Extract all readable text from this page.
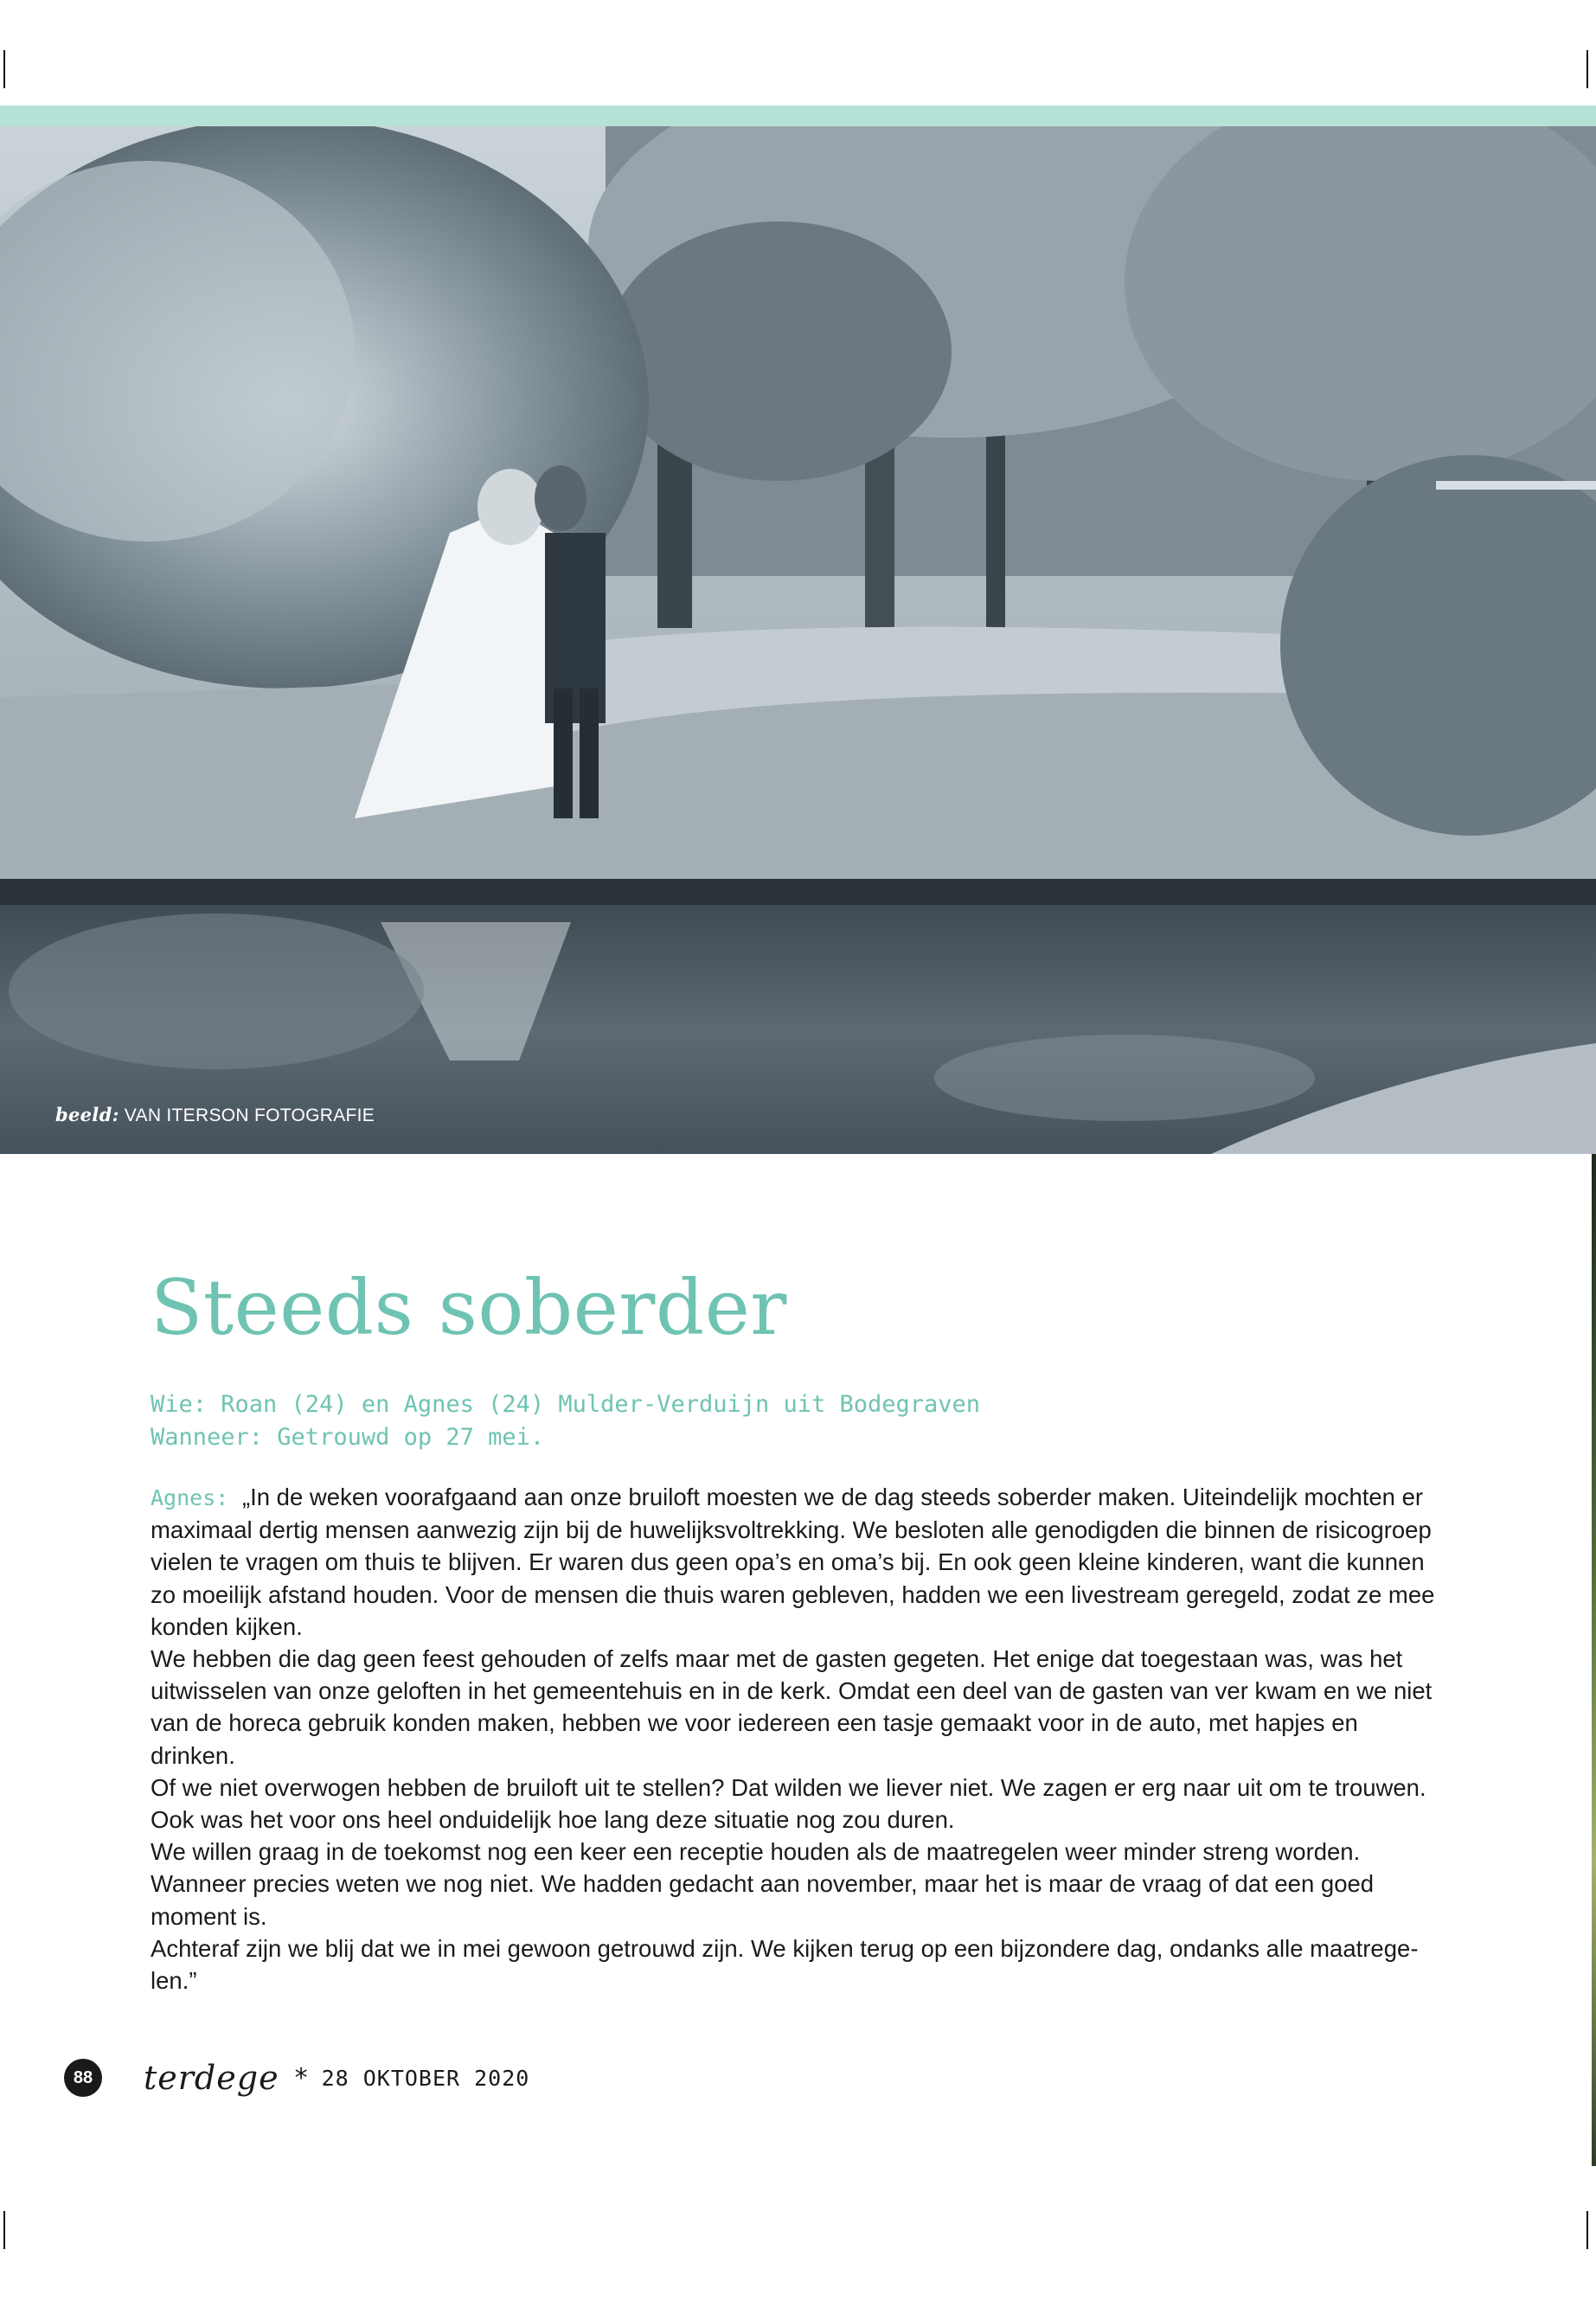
beeld: VAN ITERSON FOTOGRAFIE
Steeds soberder
Wie: Roan (24) en Agnes (24) Mulder-Verduijn uit Bodegraven
Wanneer: Getrouwd op 27 mei.

Agnes: „In de weken voorafgaand aan onze bruiloft moesten we de dag steeds soberder maken. Uiteindelijk mochten er maximaal dertig mensen aanwezig zijn bij de huwelijksvoltrekking. We besloten alle genodigden die binnen de risicogroep vielen te vragen om thuis te blijven. Er waren dus geen opa’s en oma’s bij. En ook geen kleine kinderen, want die kunnen zo moeilijk afstand houden. Voor de mensen die thuis waren gebleven, hadden we een livestream geregeld, zodat ze mee konden kijken.

We hebben die dag geen feest gehouden of zelfs maar met de gasten gegeten. Het enige dat toegestaan was, was het uitwisselen van onze geloften in het gemeentehuis en in de kerk. Omdat een deel van de gasten van ver kwam en we niet van de horeca gebruik konden maken, hebben we voor iedereen een tasje gemaakt voor in de auto, met hapjes en drinken.

Of we niet overwogen hebben de bruiloft uit te stellen? Dat wilden we liever niet. We zagen er erg naar uit om te trouwen. Ook was het voor ons heel onduidelijk hoe lang deze situatie nog zou duren.

We willen graag in de toekomst nog een keer een receptie houden als de maatregelen weer minder streng worden. Wanneer precies weten we nog niet. We hadden gedacht aan november, maar het is maar de vraag of dat een goed moment is.

Achteraf zijn we blij dat we in mei gewoon getrouwd zijn. We kijken terug op een bijzondere dag, ondanks alle maatregelen.”

88 terdege * 28 OKTOBER 2020
